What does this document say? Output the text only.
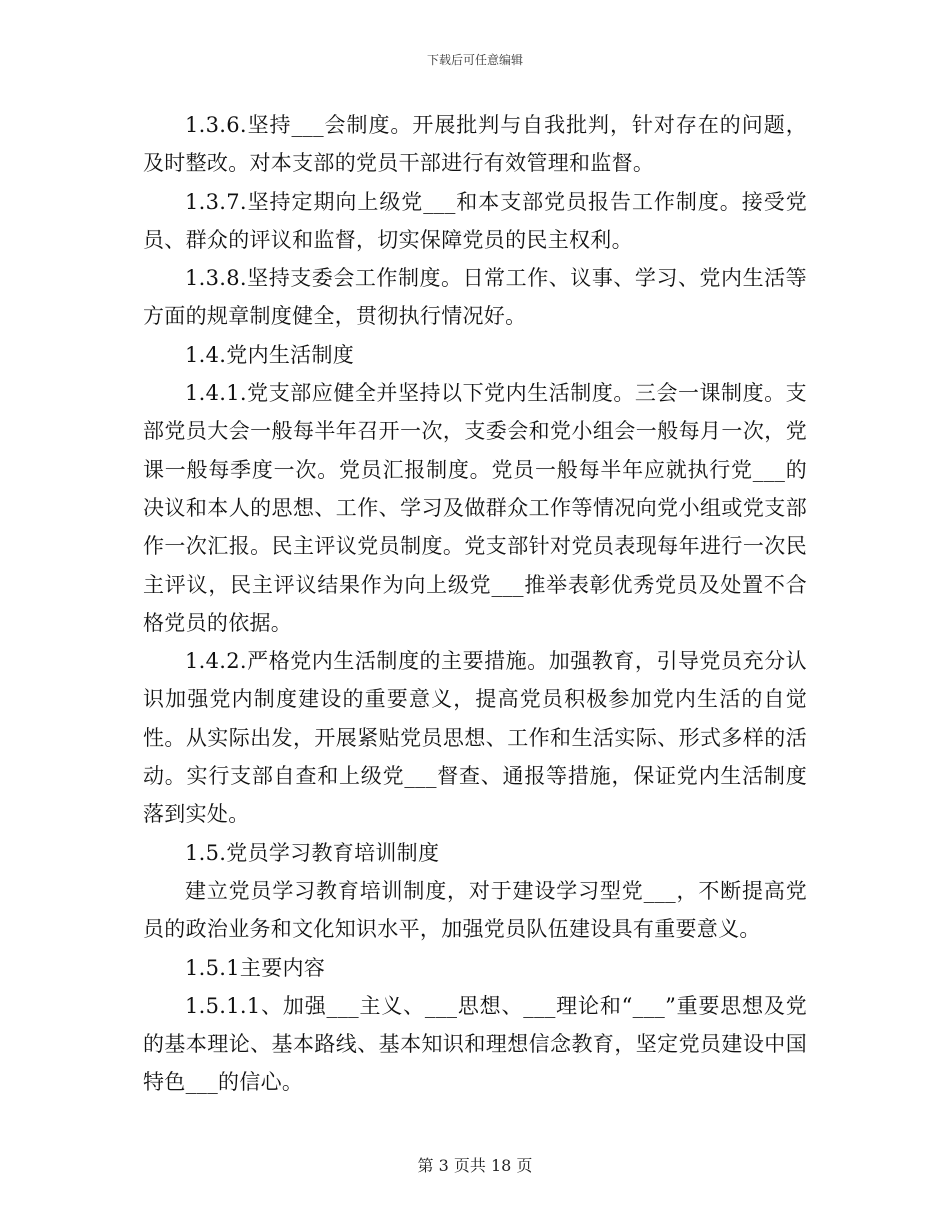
下载后可任意编辑

1.3.6.坚持___会制度。开展批判与自我批判，针对存在的问题，及时整改。对本支部的党员干部进行有效管理和监督。

1.3.7.坚持定期向上级党___和本支部党员报告工作制度。接受党员、群众的评议和监督，切实保障党员的民主权利。

1.3.8.坚持支委会工作制度。日常工作、议事、学习、党内生活等方面的规章制度健全，贯彻执行情况好。

1.4.党内生活制度

1.4.1.党支部应健全并坚持以下党内生活制度。三会一课制度。支部党员大会一般每半年召开一次，支委会和党小组会一般每月一次，党课一般每季度一次。党员汇报制度。党员一般每半年应就执行党___的决议和本人的思想、工作、学习及做群众工作等情况向党小组或党支部作一次汇报。民主评议党员制度。党支部针对党员表现每年进行一次民主评议，民主评议结果作为向上级党___推举表彰优秀党员及处置不合格党员的依据。

1.4.2.严格党内生活制度的主要措施。加强教育，引导党员充分认识加强党内制度建设的重要意义，提高党员积极参加党内生活的自觉性。从实际出发，开展紧贴党员思想、工作和生活实际、形式多样的活动。实行支部自查和上级党___督查、通报等措施，保证党内生活制度落到实处。

1.5.党员学习教育培训制度

建立党员学习教育培训制度，对于建设学习型党___，不断提高党员的政治业务和文化知识水平，加强党员队伍建设具有重要意义。

1.5.1主要内容

1.5.1.1、加强___主义、___思想、___理论和“___”重要思想及党的基本理论、基本路线、基本知识和理想信念教育，坚定党员建设中国特色___的信心。

第 3 页共 18 页
